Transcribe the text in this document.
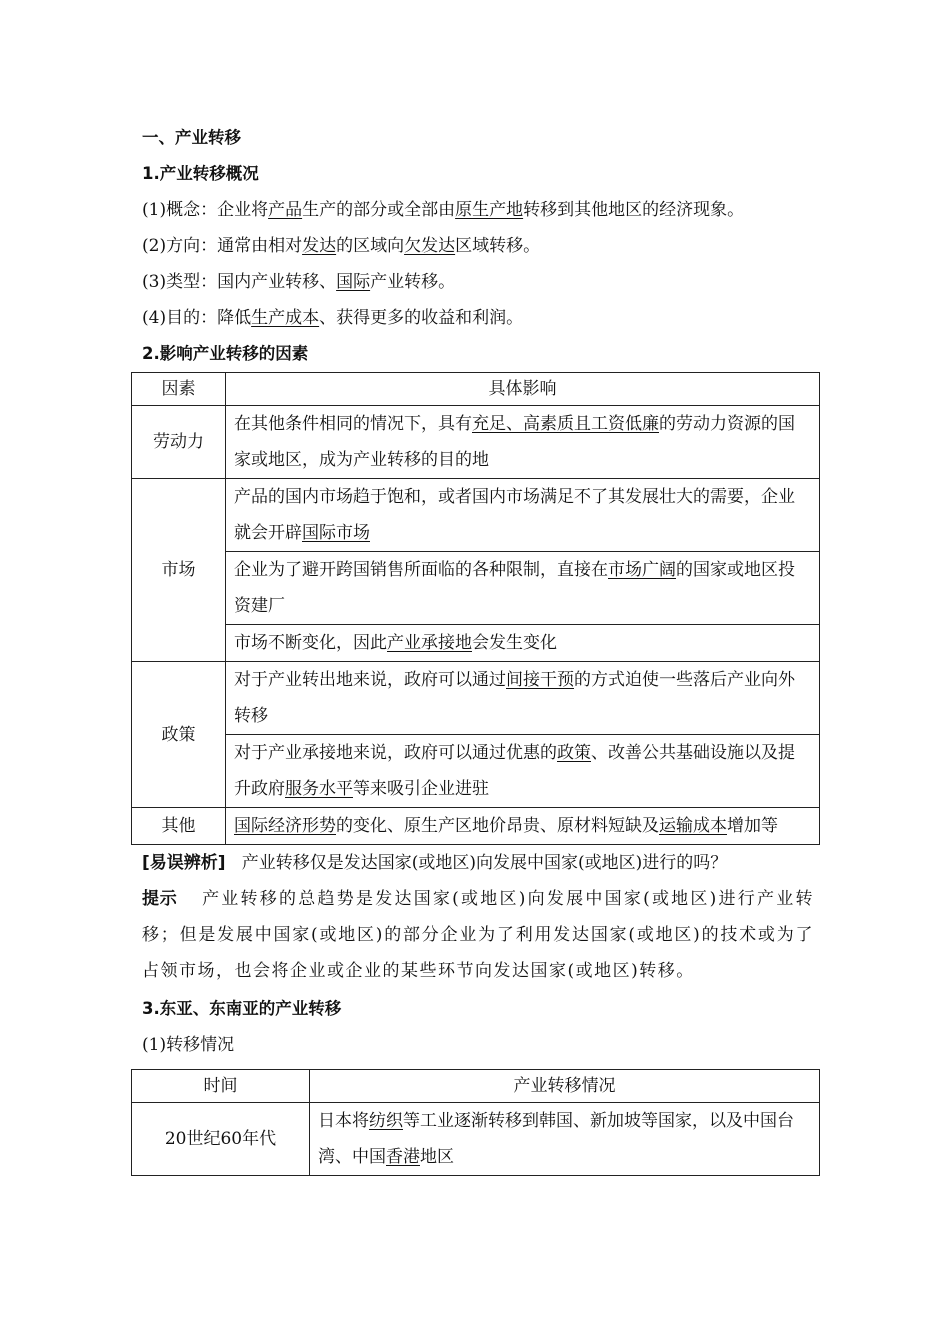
一、产业转移

1.产业转移概况

(1)概念：企业将产品生产的部分或全部由原生产地转移到其他地区的经济现象。

(2)方向：通常由相对发达的区域向欠发达区域转移。

(3)类型：国内产业转移、国际产业转移。

(4)目的：降低生产成本、获得更多的收益和利润。

2.影响产业转移的因素

因素	具体影响
劳动力	在其他条件相同的情况下，具有充足、高素质且工资低廉的劳动力资源的国家或地区，成为产业转移的目的地
市场	产品的国内市场趋于饱和，或者国内市场满足不了其发展壮大的需要，企业就会开辟国际市场
	企业为了避开跨国销售所面临的各种限制，直接在市场广阔的国家或地区投资建厂
	市场不断变化，因此产业承接地会发生变化
政策	对于产业转出地来说，政府可以通过间接干预的方式迫使一些落后产业向外转移
	对于产业承接地来说，政府可以通过优惠的政策、改善公共基础设施以及提升政府服务水平等来吸引企业进驻
其他	国际经济形势的变化、原生产区地价昂贵、原材料短缺及运输成本增加等

[易误辨析] 产业转移仅是发达国家(或地区)向发展中国家(或地区)进行的吗？

提示 产业转移的总趋势是发达国家(或地区)向发展中国家(或地区)进行产业转移；但是发展中国家(或地区)的部分企业为了利用发达国家(或地区)的技术或为了占领市场，也会将企业或企业的某些环节向发达国家(或地区)转移。

3.东亚、东南亚的产业转移

(1)转移情况

时间	产业转移情况
20世纪60年代	日本将纺织等工业逐渐转移到韩国、新加坡等国家，以及中国台湾、中国香港地区
